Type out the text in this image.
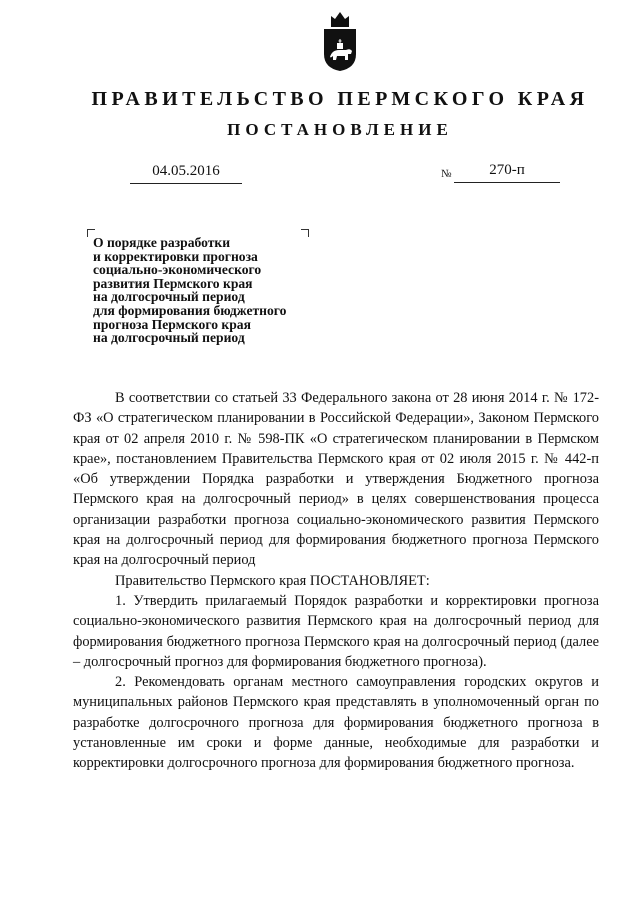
ПРАВИТЕЛЬСТВО ПЕРМСКОГО КРАЯ
ПОСТАНОВЛЕНИЕ
04.05.2016	№	270-п
О порядке разработки
и корректировки прогноза
социально-экономического
развития Пермского края
на долгосрочный период
для формирования бюджетного
прогноза Пермского края
на долгосрочный период

В соответствии со статьей 33 Федерального закона от 28 июня 2014 г. № 172-ФЗ «О стратегическом планировании в Российской Федерации», Законом Пермского края от 02 апреля 2010 г. № 598-ПК «О стратегическом планировании в Пермском крае», постановлением Правительства Пермского края от 02 июля 2015 г. № 442-п «Об утверждении Порядка разработки и утверждения Бюджетного прогноза Пермского края на долгосрочный период» в целях совершенствования процесса организации разработки прогноза социально-экономического развития Пермского края на долгосрочный период для формирования бюджетного прогноза Пермского края на долгосрочный период

Правительство Пермского края ПОСТАНОВЛЯЕТ:

1. Утвердить прилагаемый Порядок разработки и корректировки прогноза социально-экономического развития Пермского края на долгосрочный период для формирования бюджетного прогноза Пермского края на долгосрочный период (далее – долгосрочный прогноз для формирования бюджетного прогноза).

2. Рекомендовать органам местного самоуправления городских округов и муниципальных районов Пермского края представлять в уполномоченный орган по разработке долгосрочного прогноза для формирования бюджетного прогноза в установленные им сроки и форме данные, необходимые для разработки и корректировки долгосрочного прогноза для формирования бюджетного прогноза.
